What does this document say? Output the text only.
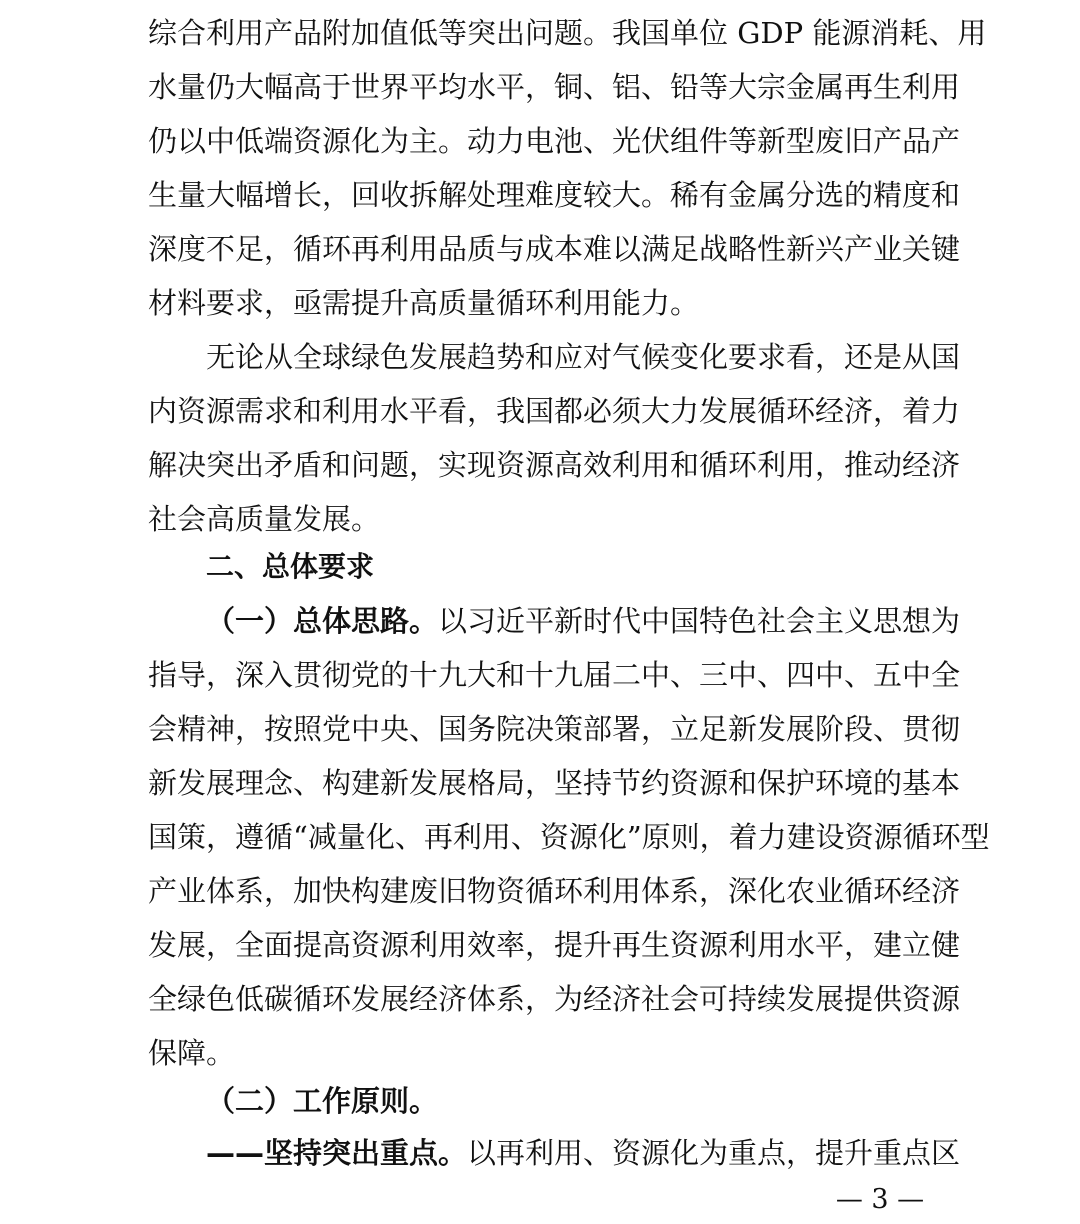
综合利用产品附加值低等突出问题。我国单位 GDP 能源消耗、用
水量仍大幅高于世界平均水平，铜、铝、铅等大宗金属再生利用
仍以中低端资源化为主。动力电池、光伏组件等新型废旧产品产
生量大幅增长，回收拆解处理难度较大。稀有金属分选的精度和
深度不足，循环再利用品质与成本难以满足战略性新兴产业关键
材料要求，亟需提升高质量循环利用能力。
无论从全球绿色发展趋势和应对气候变化要求看，还是从国
内资源需求和利用水平看，我国都必须大力发展循环经济，着力
解决突出矛盾和问题，实现资源高效利用和循环利用，推动经济
社会高质量发展。
二、总体要求
（一）总体思路。以习近平新时代中国特色社会主义思想为
指导，深入贯彻党的十九大和十九届二中、三中、四中、五中全
会精神，按照党中央、国务院决策部署，立足新发展阶段、贯彻
新发展理念、构建新发展格局，坚持节约资源和保护环境的基本
国策，遵循“减量化、再利用、资源化”原则，着力建设资源循环型
产业体系，加快构建废旧物资循环利用体系，深化农业循环经济
发展，全面提高资源利用效率，提升再生资源利用水平，建立健
全绿色低碳循环发展经济体系，为经济社会可持续发展提供资源
保障。
（二）工作原则。
——坚持突出重点。以再利用、资源化为重点，提升重点区
— 3 —
